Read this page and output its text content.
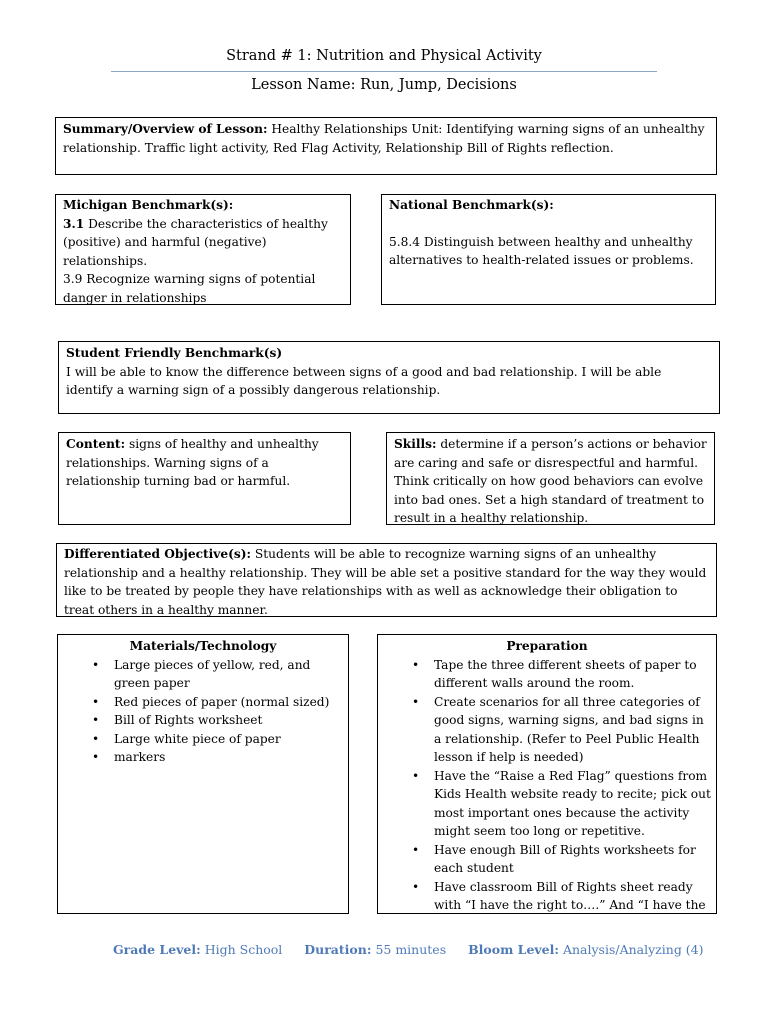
Strand # 1: Nutrition and Physical Activity
Lesson Name: Run, Jump, Decisions
Summary/Overview of Lesson: Healthy Relationships Unit: Identifying warning signs of an unhealthy relationship. Traffic light activity, Red Flag Activity, Relationship Bill of Rights reflection.
Michigan Benchmark(s):
3.1 Describe the characteristics of healthy (positive) and harmful (negative) relationships.
3.9 Recognize warning signs of potential danger in relationships
National Benchmark(s):
5.8.4 Distinguish between healthy and unhealthy alternatives to health-related issues or problems.
Student Friendly Benchmark(s)
I will be able to know the difference between signs of a good and bad relationship. I will be able identify a warning sign of a possibly dangerous relationship.
Content: signs of healthy and unhealthy relationships. Warning signs of a relationship turning bad or harmful.
Skills: determine if a person’s actions or behavior are caring and safe or disrespectful and harmful. Think critically on how good behaviors can evolve into bad ones. Set a high standard of treatment to result in a healthy relationship.
Differentiated Objective(s): Students will be able to recognize warning signs of an unhealthy relationship and a healthy relationship. They will be able set a positive standard for the way they would like to be treated by people they have relationships with as well as acknowledge their obligation to treat others in a healthy manner.
Materials/Technology
• Large pieces of yellow, red, and green paper
• Red pieces of paper (normal sized)
• Bill of Rights worksheet
• Large white piece of paper
• markers
Preparation
• Tape the three different sheets of paper to different walls around the room.
• Create scenarios for all three categories of good signs, warning signs, and bad signs in a relationship. (Refer to Peel Public Health lesson if help is needed)
• Have the “Raise a Red Flag” questions from Kids Health website ready to recite; pick out most important ones because the activity might seem too long or repetitive.
• Have enough Bill of Rights worksheets for each student
• Have classroom Bill of Rights sheet ready with “I have the right to….” And “I have the
Grade Level: High School Duration: 55 minutes Bloom Level: Analysis/Analyzing (4)
